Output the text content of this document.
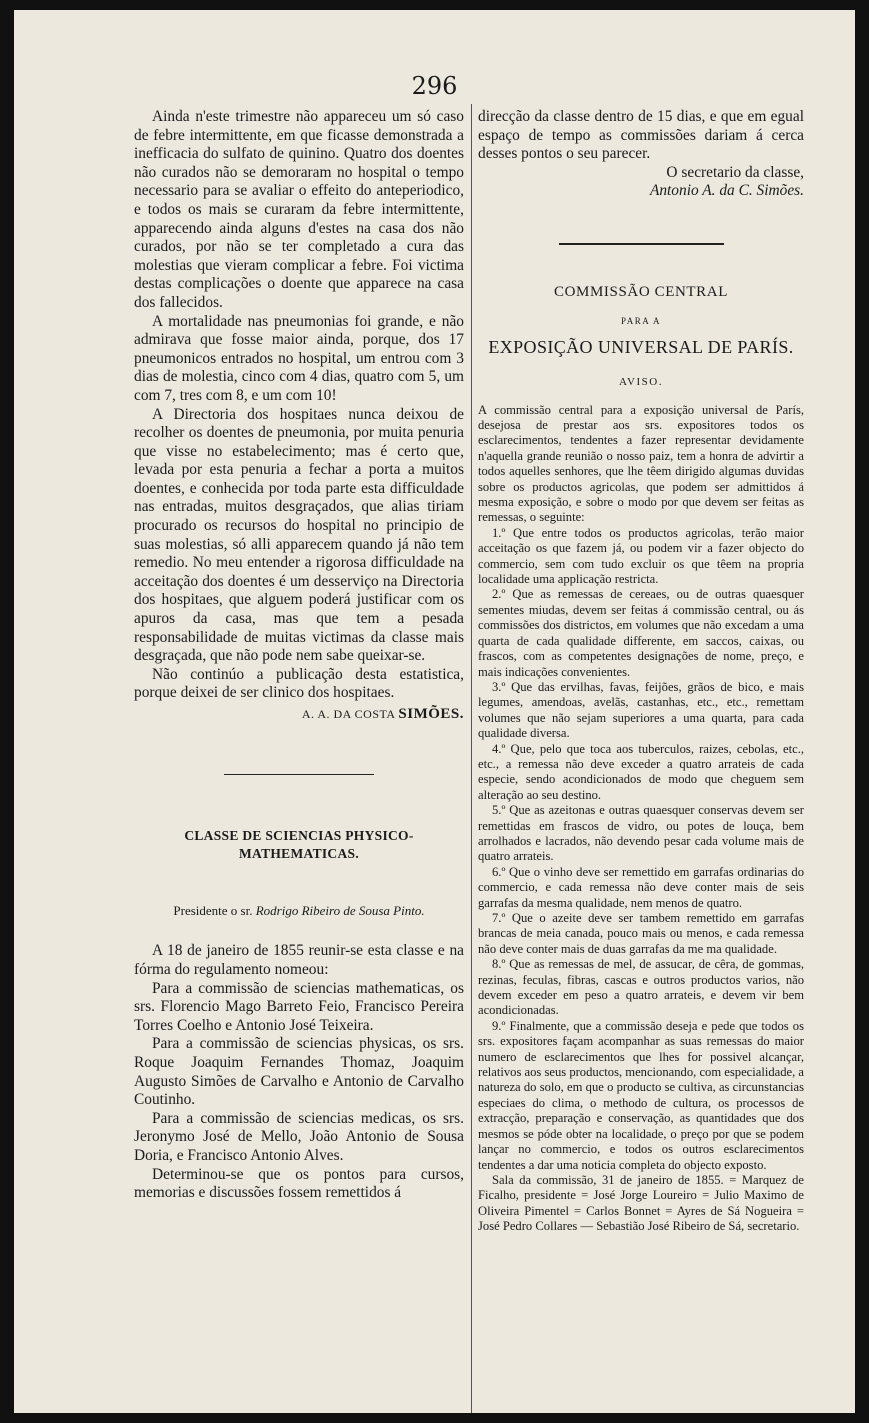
296

Ainda n'este trimestre não appareceu um só caso de febre intermittente, em que ficasse demonstrada a inefficacia do sulfato de quinino. Quatro dos doentes não curados não se demoraram no hospital o tempo necessario para se avaliar o effeito do anteperiodico, e todos os mais se curaram da febre intermittente, apparecendo ainda alguns d'estes na casa dos não curados, por não se ter completado a cura das molestias que vieram complicar a febre. Foi victima destas complicações o doente que apparece na casa dos fallecidos.

A mortalidade nas pneumonias foi grande, e não admirava que fosse maior ainda, porque, dos 17 pneumonicos entrados no hospital, um entrou com 3 dias de molestia, cinco com 4 dias, quatro com 5, um com 7, tres com 8, e um com 10!

A Directoria dos hospitaes nunca deixou de recolher os doentes de pneumonia, por muita penuria que visse no estabelecimento; mas é certo que, levada por esta penuria a fechar a porta a muitos doentes, e conhecida por toda parte esta difficuldade nas entradas, muitos desgraçados, que alias tiriam procurado os recursos do hospital no principio de suas molestias, só alli apparecem quando já não tem remedio. No meu entender a rigorosa difficuldade na acceitação dos doentes é um desserviço na Directoria dos hospitaes, que alguem poderá justificar com os apuros da casa, mas que tem a pesada responsabilidade de muitas victimas da classe mais desgraçada, que não pode nem sabe queixar-se.

Não continúo a publicação desta estatistica, porque deixei de ser clinico dos hospitaes.

A. A. DA COSTA SIMÕES.
CLASSE DE SCIENCIAS PHYSICO-MATHEMATICAS.
Presidente o sr. Rodrigo Ribeiro de Sousa Pinto.

A 18 de janeiro de 1855 reunir-se esta classe e na fórma do regulamento nomeou:

Para a commissão de sciencias mathematicas, os srs. Florencio Mago Barreto Feio, Francisco Pereira Torres Coelho e Antonio José Teixeira.

Para a commissão de sciencias physicas, os srs. Roque Joaquim Fernandes Thomaz, Joaquim Augusto Simões de Carvalho e Antonio de Carvalho Coutinho.

Para a commissão de sciencias medicas, os srs. Jeronymo José de Mello, João Antonio de Sousa Doria, e Francisco Antonio Alves.

Determinou-se que os pontos para cursos, memorias e discussões fossem remettidos á

direcção da classe dentro de 15 dias, e que em egual espaço de tempo as commissões dariam á cerca desses pontos o seu parecer.

O secretario da classe,
Antonio A. da C. Simões.
COMMISSÃO CENTRAL
PARA A
EXPOSIÇÃO UNIVERSAL DE PARÍS.
AVISO.

A commissão central para a exposição universal de París, desejosa de prestar aos srs. expositores todos os esclarecimentos, tendentes a fazer representar devidamente n'aquella grande reunião o nosso paiz, tem a honra de advirtir a todos aquelles senhores, que lhe têem dirigido algumas duvidas sobre os productos agricolas, que podem ser admittidos á mesma exposição, e sobre o modo por que devem ser feitas as remessas, o seguinte:

1.º Que entre todos os productos agricolas, terão maior acceitação os que fazem já, ou podem vir a fazer objecto do commercio, sem com tudo excluir os que têem na propria localidade uma applicação restricta.

2.º Que as remessas de cereaes, ou de outras quaesquer sementes miudas, devem ser feitas á commissão central, ou ás commissões dos districtos, em volumes que não excedam a uma quarta de cada qualidade differente, em saccos, caixas, ou frascos, com as competentes designações de nome, preço, e mais indicações convenientes.

3.º Que das ervilhas, favas, feijões, grãos de bico, e mais legumes, amendoas, avelãs, castanhas, etc., etc., remettam volumes que não sejam superiores a uma quarta, para cada qualidade diversa.

4.º Que, pelo que toca aos tuberculos, raizes, cebolas, etc., etc., a remessa não deve exceder a quatro arrateis de cada especie, sendo acondicionados de modo que cheguem sem alteração ao seu destino.

5.º Que as azeitonas e outras quaesquer conservas devem ser remettidas em frascos de vidro, ou potes de louça, bem arrolhados e lacrados, não devendo pesar cada volume mais de quatro arrateis.

6.º Que o vinho deve ser remettido em garrafas ordinarias do commercio, e cada remessa não deve conter mais de seis garrafas da mesma qualidade, nem menos de quatro.

7.º Que o azeite deve ser tambem remettido em garrafas brancas de meia canada, pouco mais ou menos, e cada remessa não deve conter mais de duas garrafas da me ma qualidade.

8.º Que as remessas de mel, de assucar, de cêra, de gommas, rezinas, feculas, fibras, cascas e outros productos varios, não devem exceder em peso a quatro arrateis, e devem vir bem acondicionadas.

9.º Finalmente, que a commissão deseja e pede que todos os srs. expositores façam acompanhar as suas remessas do maior numero de esclarecimentos que lhes for possivel alcançar, relativos aos seus productos, mencionando, com especialidade, a natureza do solo, em que o producto se cultiva, as circunstancias especiaes do clima, o methodo de cultura, os processos de extracção, preparação e conservação, as quantidades que dos mesmos se póde obter na localidade, o preço por que se podem lançar no commercio, e todos os outros esclarecimentos tendentes a dar uma noticia completa do objecto exposto.

Sala da commissão, 31 de janeiro de 1855. = Marquez de Ficalho, presidente = José Jorge Loureiro = Julio Maximo de Oliveira Pimentel = Carlos Bonnet = Ayres de Sá Nogueira = José Pedro Collares — Sebastião José Ribeiro de Sá, secretario.
